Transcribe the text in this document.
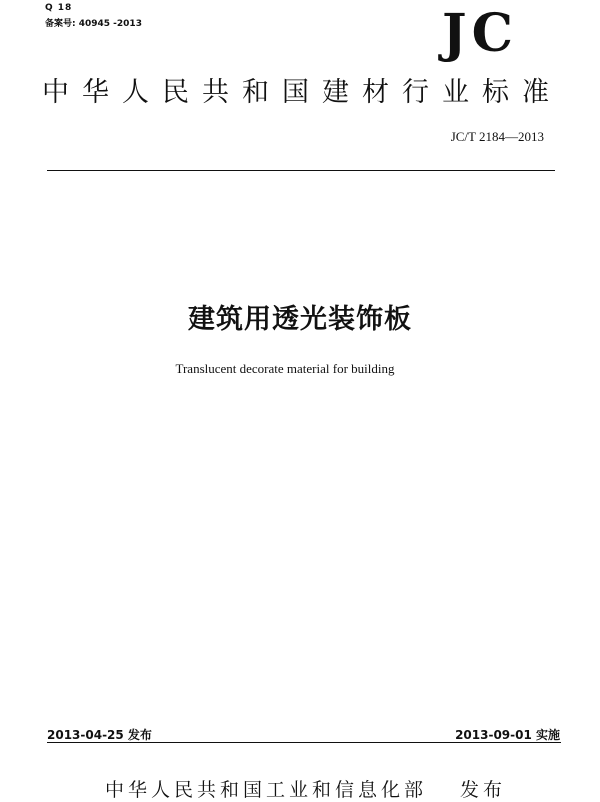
Q 18
备案号: 40945 -2013	JC
中华人民共和国建材行业标准
JC/T 2184—2013
建筑用透光装饰板
Translucent decorate material for building
2013-04-25 发布	2013-09-01 实施
中华人民共和国工业和信息化部　 发布
